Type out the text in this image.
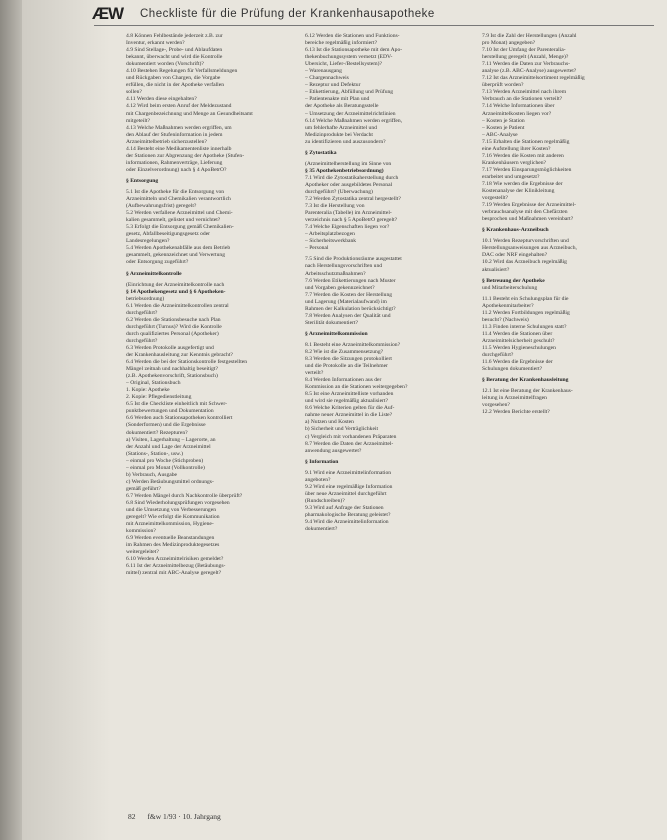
ÆW Checkliste für die Prüfung der Krankenhausapotheke
4.8 Können Fehlbestände jederzeit z.B. zur
Inventur, erkannt werden?
4.9 Sind Stellage-, Probe- und Ablaufdaten
bekannt, überwacht und wird die Kontrolle
dokumentiert worden (Vorschrift)?
4.10 Bestehen Regelungen für Verfallsmeldungen
und Rückgaben von Chargen, die Vorgabe
erfüllen, die nicht in der Apotheke verfallen
sollen?
4.11 Werden diese eingehalten?
4.12 Wird beim ersten Anruf der Meldezustand
mit Chargenbezeichnung und Menge an Gesundheitsamt
mitgeteilt?
4.13 Welche Maßnahmen werden ergriffen, um
den Ablauf der Stufeninformation in jedem
Arzneimittelbetrieb sicherzustellen?
4.14 Besteht eine Medikamentenliste innerhalb
der Stationen zur Abgrenzung der Apotheke (Stufen-
informationen, Rahmenverträge, Lieferung
oder Einzelverordnung) nach § 4 ApoBetrO?
§ Entsorgung
5.1 Ist die Apotheke für die Entsorgung von
Arzneimitteln und Chemikalien verantwortlich
(Aufbewahrungsfrist) geregelt?
5.2 Werden verfallene Arzneimittel und Chemi-
kalien gesammelt, gelistet und vernichtet?
5.3 Erfolgt die Entsorgung gemäß Chemikalien-
gesetz, Abfallbeseitigungsgesetz oder
Landesregelungen?
5.4 Werden Apothekenabfälle aus dem Betrieb
gesammelt, gekennzeichnet und Verwertung
oder Entsorgung zugeführt?
§ Arzneimittelkontrolle
(Einrichtung der Arzneimittelkontrolle nach
§ 14 Apothekengesetz und § 6 Apotheken-
betriebsordnung)
6.1 Werden die Arzneimittelkontrollen zentral
durchgeführt?
6.2 Werden die Stationsbesuche nach Plan
durchgeführt (Turnus)? Wird die Kontrolle
durch qualifiziertes Personal (Apotheker)
durchgeführt?
6.3 Werden Protokolle ausgefertigt und
der Krankenhausleitung zur Kenntnis gebracht?
6.4 Werden die bei der Stationskontrolle festgestellten
Mängel zeitnah und nachhaltig beseitigt?
(z.B. Apothekenvorschrift, Stationsbuch)
– Original, Stationsbuch
1. Kopie: Apotheke
2. Kopie: Pflegedienstleitung
6.5 Ist die Checkliste einheitlich mit Schwer-
punktbewertungen und Dokumentation
6.6 Werden auch Stationsapotheken kontrolliert
(Sonderformen) und die Ergebnisse
dokumentiert? Rezepturen?
a) Visiten, Lagerhaltung – Lagerorte, an
der Anzahl und Lage der Arzneimittel
(Stations-, Station-, usw.)
– einmal pro Woche (Stichproben)
– einmal pro Monat (Vollkontrolle)
b) Verbrauch, Ausgabe
c) Werden Betäubungsmittel ordnungs-
gemäß geführt?
6.7 Werden Mängel durch Nachkontrolle überprüft?
6.8 Sind Wiederholungsprüfungen vorgesehen
und die Umsetzung von Verbesserungen
geregelt? Wie erfolgt die Kommunikation
mit Arzneimittelkommission, Hygiene-
kommission?
6.9 Werden eventuelle Beanstandungen
im Rahmen des Medizinproduktegesetzes
weitergeleitet?
6.10 Werden Arzneimittelrisiken gemeldet?
6.11 Ist der Arzneimittelbezug (Betäubungs-
mittel) zentral mit ABC-Analyse geregelt?
6.12 Werden die Stationen und Funktions-
bereiche regelmäßig informiert?
6.13 Ist die Stationsapotheke mit dem Apo-
thekenbuchungssystem vernetzt (EDV-
Übersicht, Liefer-/Bestellsystem)?
– Warenausgang
– Chargennachweis
– Rezeptur und Defektur
– Etikettierung, Abfüllung und Prüfung
– Patientenakte mit Plan und
der Apotheke als Beratungsstelle
– Umsetzung der Arzneimittelrichtlinien
6.14 Welche Maßnahmen werden ergriffen,
um fehlerhafte Arzneimittel und
Medizinprodukte bei Verdacht
zu identifizieren und auszusondern?
§ Zytostatika
(Arzneimittelherstellung im Sinne von
§ 35 Apothekenbetriebsordnung)
7.1 Wird die Zytostatikaherstellung durch
Apotheker oder ausgebildetes Personal
durchgeführt? (Überwachung)
7.2 Werden Zytostatika zentral hergestellt?
7.3 Ist die Herstellung von
Parenteralia (Tabelle) im Arzneimittel-
verzeichnis nach § 5 ApoBetrO geregelt?
7.4 Welche Eigenschaften liegen vor?
– Arbeitsplatzbezogen
– Sicherheitswerkbank
– Personal
7.5 Sind die Produktionsräume ausgestattet
nach Herstellungsvorschriften und
Arbeitsschutzmaßnahmen?
7.6 Werden Etikettierungen nach Muster
und Vorgaben gekennzeichnet?
7.7 Werden die Kosten der Herstellung
und Lagerung (Materialaufwand) im
Rahmen der Kalkulation berücksichtigt?
7.8 Werden Analysen der Qualität und
Sterilität dokumentiert?
§ Arzneimittelkommission
8.1 Besteht eine Arzneimittelkommission?
8.2 Wie ist die Zusammensetzung?
8.3 Werden die Sitzungen protokolliert
und die Protokolle an die Teilnehmer
verteilt?
8.4 Werden Informationen aus der
Kommission an die Stationen weitergegeben?
8.5 Ist eine Arzneimittelliste vorhanden
und wird sie regelmäßig aktualisiert?
8.6 Welche Kriterien gelten für die Auf-
nahme neuer Arzneimittel in die Liste?
a) Nutzen und Kosten
b) Sicherheit und Verträglichkeit
c) Vergleich mit vorhandenen Präparaten
8.7 Werden die Daten der Arzneimittel-
anwendung ausgewertet?
§ Information
9.1 Wird eine Arzneimittelinformation
angeboten?
9.2 Wird eine regelmäßige Information
über neue Arzneimittel durchgeführt
(Rundschreiben)?
9.3 Wird auf Anfrage der Stationen
pharmakologische Beratung geleistet?
9.4 Wird die Arzneimittelinformation
dokumentiert?
7.9 Ist die Zahl der Herstellungen (Anzahl
pro Monat) angegeben?
7.10 Ist der Umfang der Parenteralia-
herstellung geregelt (Anzahl, Menge)?
7.11 Werden die Daten zur Verbrauchs-
analyse (z.B. ABC-Analyse) ausgewertet?
7.12 Ist das Arzneimittelsortiment regelmäßig
überprüft worden?
7.13 Werden Arzneimittel nach ihrem
Verbrauch an die Stationen verteilt?
7.14 Welche Informationen über
Arzneimittelkosten liegen vor?
– Kosten je Station
– Kosten je Patient
– ABC-Analyse
7.15 Erhalten die Stationen regelmäßig
eine Aufstellung ihrer Kosten?
7.16 Werden die Kosten mit anderen
Krankenhäusern verglichen?
7.17 Werden Einsparungsmöglichkeiten
erarbeitet und umgesetzt?
7.18 Wie werden die Ergebnisse der
Kostenanalyse der Klinikleitung
vorgestellt?
7.19 Werden Ergebnisse der Arzneimittel-
verbrauchsanalyse mit den Chefärzten
besprochen und Maßnahmen vereinbart?
§ Krankenhaus-Arzneibuch
10.1 Werden Rezepturvorschriften und
Herstellungsanweisungen aus Arzneibuch,
DAC oder NRF eingehalten?
10.2 Wird das Arzneibuch regelmäßig
aktualisiert?
§ Betreuung der Apotheke
und Mitarbeiterschulung
11.1 Besteht ein Schulungsplan für die
Apothekenmitarbeiter?
11.2 Werden Fortbildungen regelmäßig
besucht? (Nachweis)
11.3 Finden interne Schulungen statt?
11.4 Werden die Stationen über
Arzneimittelsicherheit geschult?
11.5 Werden Hygieneschulungen
durchgeführt?
11.6 Werden die Ergebnisse der
Schulungen dokumentiert?
§ Beratung der Krankenhausleitung
12.1 Ist eine Beratung der Krankenhaus-
leitung in Arzneimittelfragen
vorgesehen?
12.2 Werden Berichte erstellt?
82 f&w 1/93 · 10. Jahrgang
